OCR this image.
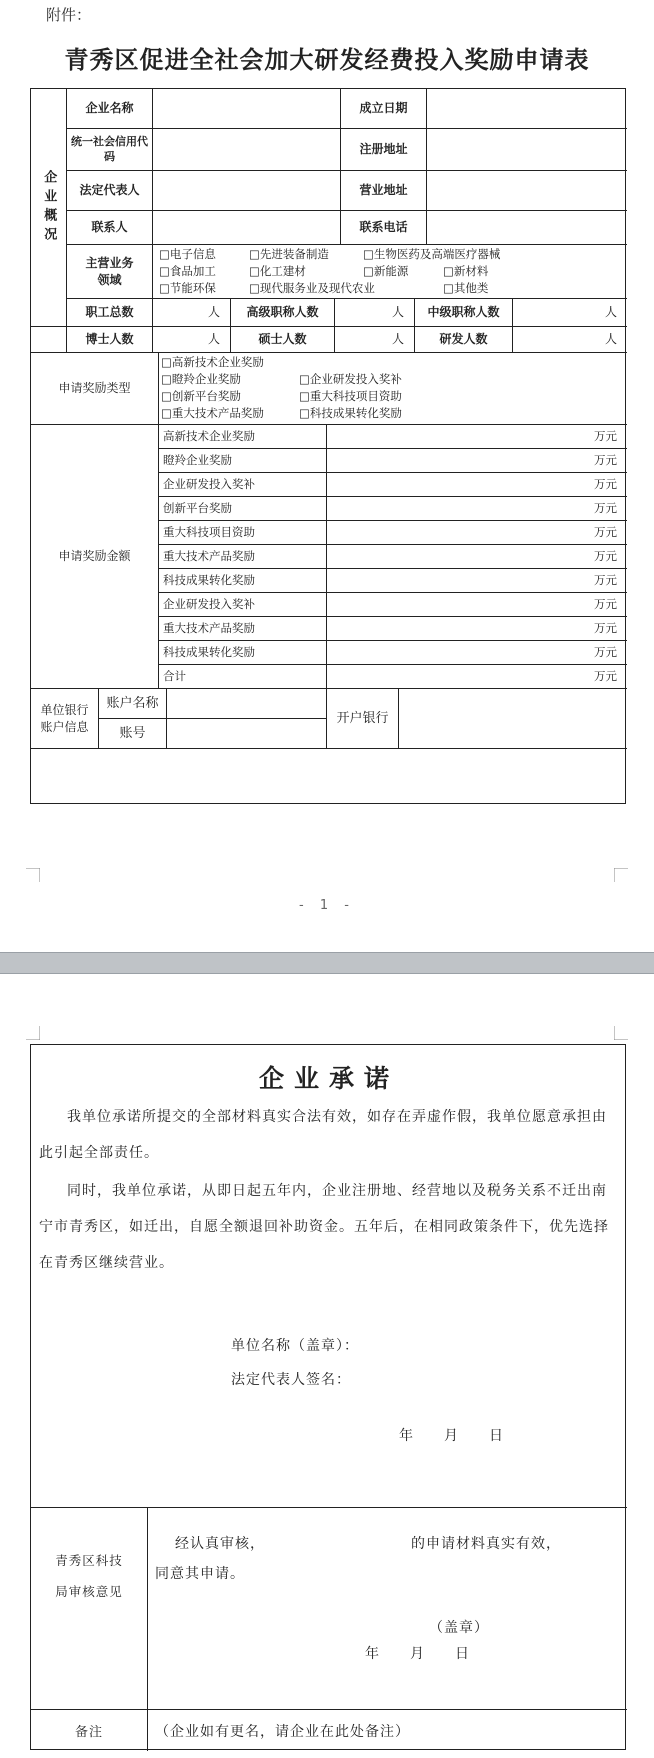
附件：
青秀区促进全社会加大研发经费投入奖励申请表
企业概况
企业名称	成立日期
统一社会信用代码	注册地址
法定代表人	营业地址
联系人	联系电话
主营业务领域
□电子信息	□先进装备制造	□生物医药及高端医疗器械
□食品加工	□化工建材	□新能源	□新材料
□节能环保	□现代服务业及现代农业	□其他类
职工总数	人	高级职称人数	人	中级职称人数	人
博士人数	人	硕士人数	人	研发人数	人
申请奖励类型
□高新技术企业奖励
□瞪羚企业奖励	□企业研发投入奖补
□创新平台奖励	□重大科技项目资助
□重大技术产品奖励	□科技成果转化奖励
申请奖励金额
高新技术企业奖励	万元
瞪羚企业奖励	万元
企业研发投入奖补	万元
创新平台奖励	万元
重大科技项目资助	万元
重大技术产品奖励	万元
科技成果转化奖励	万元
企业研发投入奖补	万元
重大技术产品奖励	万元
科技成果转化奖励	万元
合计	万元
单位银行账户信息
账户名称
账号
开户银行
- 1 -
企业承诺
我单位承诺所提交的全部材料真实合法有效，如存在弄虚作假，我单位愿意承担由此引起全部责任。
同时，我单位承诺，从即日起五年内，企业注册地、经营地以及税务关系不迁出南宁市青秀区，如迁出，自愿全额退回补助资金。五年后，在相同政策条件下，优先选择在青秀区继续营业。
单位名称（盖章）：
法定代表人签名：
年　　月　　日
青秀区科技局审核意见
经认真审核，	的申请材料真实有效，
同意其申请。
（盖章）
年　　月　　日
备注	（企业如有更名，请企业在此处备注）
